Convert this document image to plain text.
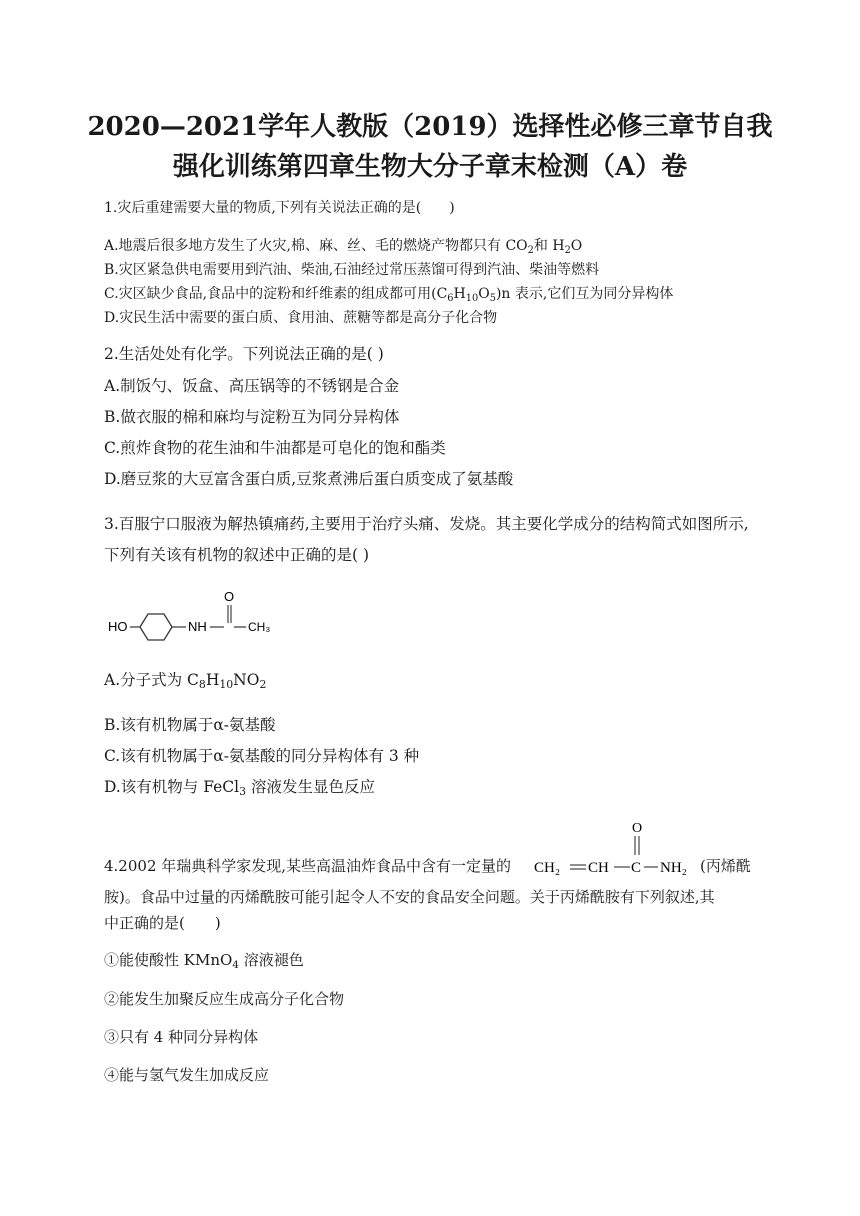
2020—2021学年人教版（2019）选择性必修三章节自我
强化训练第四章生物大分子章末检测（A）卷
1.灾后重建需要大量的物质,下列有关说法正确的是(　　)
A.地震后很多地方发生了火灾,棉、麻、丝、毛的燃烧产物都只有 $CO_2$和 $H_2O$
B.灾区紧急供电需要用到汽油、柴油,石油经过常压蒸馏可得到汽油、柴油等燃料
C.灾区缺少食品,食品中的淀粉和纤维素的组成都可用$(C_6H_{10}O_5)n$ 表示,它们互为同分异构体
D.灾民生活中需要的蛋白质、食用油、蔗糖等都是高分子化合物
2.生活处处有化学。下列说法正确的是( )
A.制饭勺、饭盒、高压锅等的不锈钢是合金
B.做衣服的棉和麻均与淀粉互为同分异构体
C.煎炸食物的花生油和牛油都是可皂化的饱和酯类
D.磨豆浆的大豆富含蛋白质,豆浆煮沸后蛋白质变成了氨基酸
3.百服宁口服液为解热镇痛药,主要用于治疗头痛、发烧。其主要化学成分的结构简式如图所示,
下列有关该有机物的叙述中正确的是( )
HO	NH
O
CH₃
A.分子式为 $C_8H_{10}NO_2$
B.该有机物属于α-氨基酸
C.该有机物属于α-氨基酸的同分异构体有 3 种
D.该有机物与 FeCl$_3$ 溶液发生显色反应
4.2002 年瑞典科学家发现,某些高温油炸食品中含有一定量的 CH₂ CH C
O
NH₂ (丙烯酰
胺)。食品中过量的丙烯酰胺可能引起令人不安的食品安全问题。关于丙烯酰胺有下列叙述,其
中正确的是(　　)
①能使酸性 KMnO$_4$ 溶液褪色
②能发生加聚反应生成高分子化合物
③只有 4 种同分异构体
④能与氢气发生加成反应
